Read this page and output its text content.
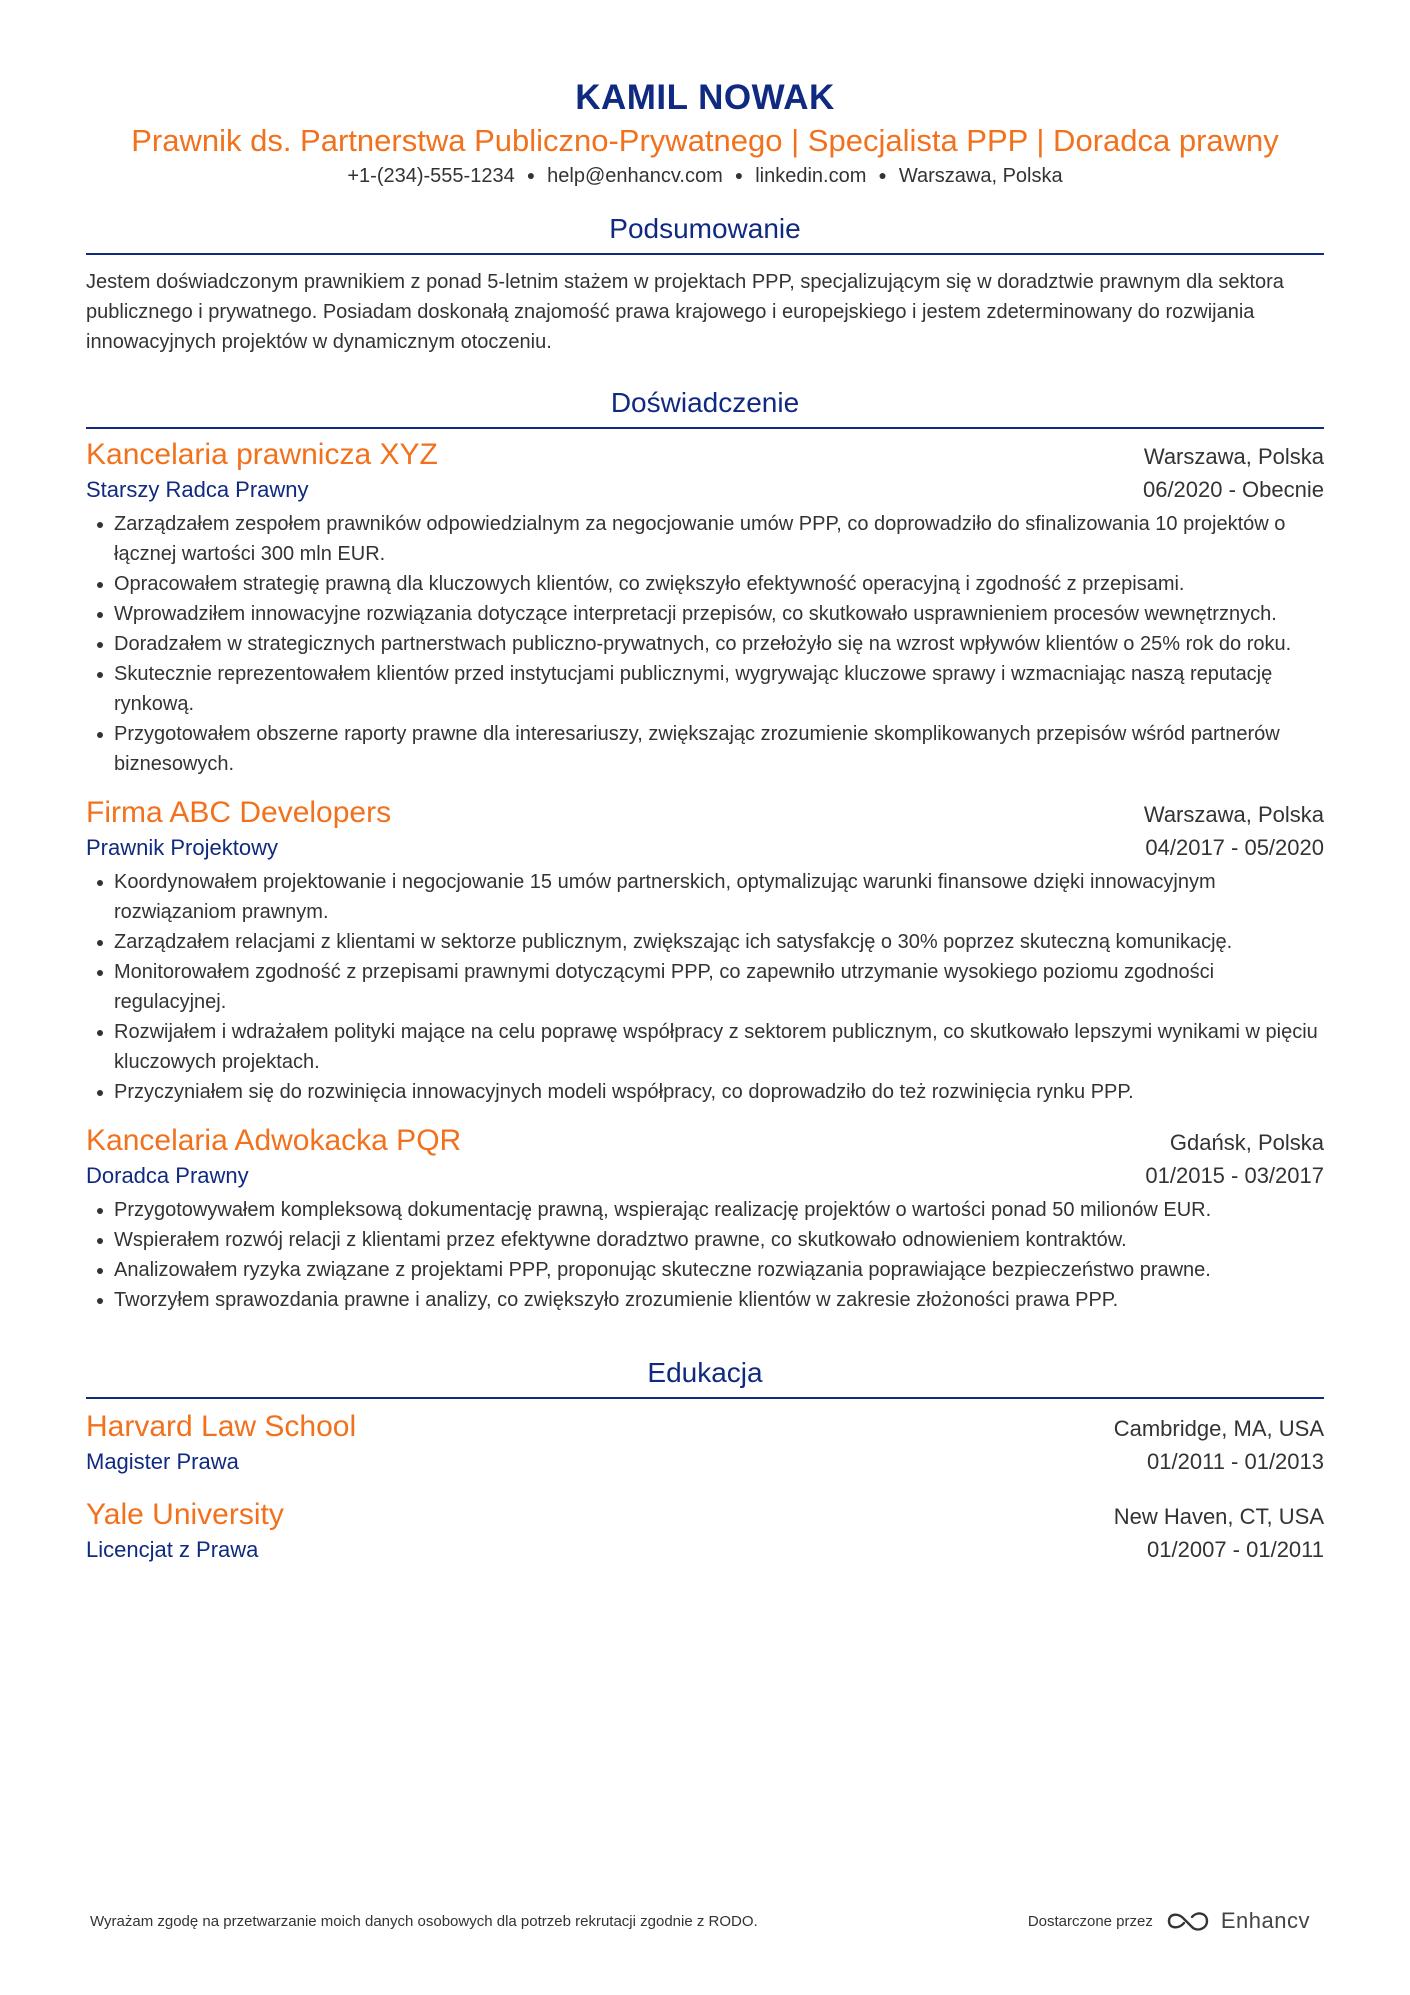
KAMIL NOWAK
Prawnik ds. Partnerstwa Publiczno-Prywatnego | Specjalista PPP | Doradca prawny
+1-(234)-555-1234 ● help@enhancv.com ● linkedin.com ● Warszawa, Polska
Podsumowanie
Jestem doświadczonym prawnikiem z ponad 5-letnim stażem w projektach PPP, specjalizującym się w doradztwie prawnym dla sektora publicznego i prywatnego. Posiadam doskonałą znajomość prawa krajowego i europejskiego i jestem zdeterminowany do rozwijania innowacyjnych projektów w dynamicznym otoczeniu.
Doświadczenie
Kancelaria prawnicza XYZ	Warszawa, Polska
Starszy Radca Prawny	06/2020 - Obecnie
Zarządzałem zespołem prawników odpowiedzialnym za negocjowanie umów PPP, co doprowadziło do sfinalizowania 10 projektów o łącznej wartości 300 mln EUR.
Opracowałem strategię prawną dla kluczowych klientów, co zwiększyło efektywność operacyjną i zgodność z przepisami.
Wprowadziłem innowacyjne rozwiązania dotyczące interpretacji przepisów, co skutkowało usprawnieniem procesów wewnętrznych.
Doradzałem w strategicznych partnerstwach publiczno-prywatnych, co przełożyło się na wzrost wpływów klientów o 25% rok do roku.
Skutecznie reprezentowałem klientów przed instytucjami publicznymi, wygrywając kluczowe sprawy i wzmacniając naszą reputację rynkową.
Przygotowałem obszerne raporty prawne dla interesariuszy, zwiększając zrozumienie skomplikowanych przepisów wśród partnerów biznesowych.
Firma ABC Developers	Warszawa, Polska
Prawnik Projektowy	04/2017 - 05/2020
Koordynowałem projektowanie i negocjowanie 15 umów partnerskich, optymalizując warunki finansowe dzięki innowacyjnym rozwiązaniom prawnym.
Zarządzałem relacjami z klientami w sektorze publicznym, zwiększając ich satysfakcję o 30% poprzez skuteczną komunikację.
Monitorowałem zgodność z przepisami prawnymi dotyczącymi PPP, co zapewniło utrzymanie wysokiego poziomu zgodności regulacyjnej.
Rozwijałem i wdrażałem polityki mające na celu poprawę współpracy z sektorem publicznym, co skutkowało lepszymi wynikami w pięciu kluczowych projektach.
Przyczyniałem się do rozwinięcia innowacyjnych modeli współpracy, co doprowadziło do też rozwinięcia rynku PPP.
Kancelaria Adwokacka PQR	Gdańsk, Polska
Doradca Prawny	01/2015 - 03/2017
Przygotowywałem kompleksową dokumentację prawną, wspierając realizację projektów o wartości ponad 50 milionów EUR.
Wspierałem rozwój relacji z klientami przez efektywne doradztwo prawne, co skutkowało odnowieniem kontraktów.
Analizowałem ryzyka związane z projektami PPP, proponując skuteczne rozwiązania poprawiające bezpieczeństwo prawne.
Tworzyłem sprawozdania prawne i analizy, co zwiększyło zrozumienie klientów w zakresie złożoności prawa PPP.
Edukacja
Harvard Law School	Cambridge, MA, USA
Magister Prawa	01/2011 - 01/2013
Yale University	New Haven, CT, USA
Licencjat z Prawa	01/2007 - 01/2011
Wyrażam zgodę na przetwarzanie moich danych osobowych dla potrzeb rekrutacji zgodnie z RODO.	Dostarczone przez	Enhancv
